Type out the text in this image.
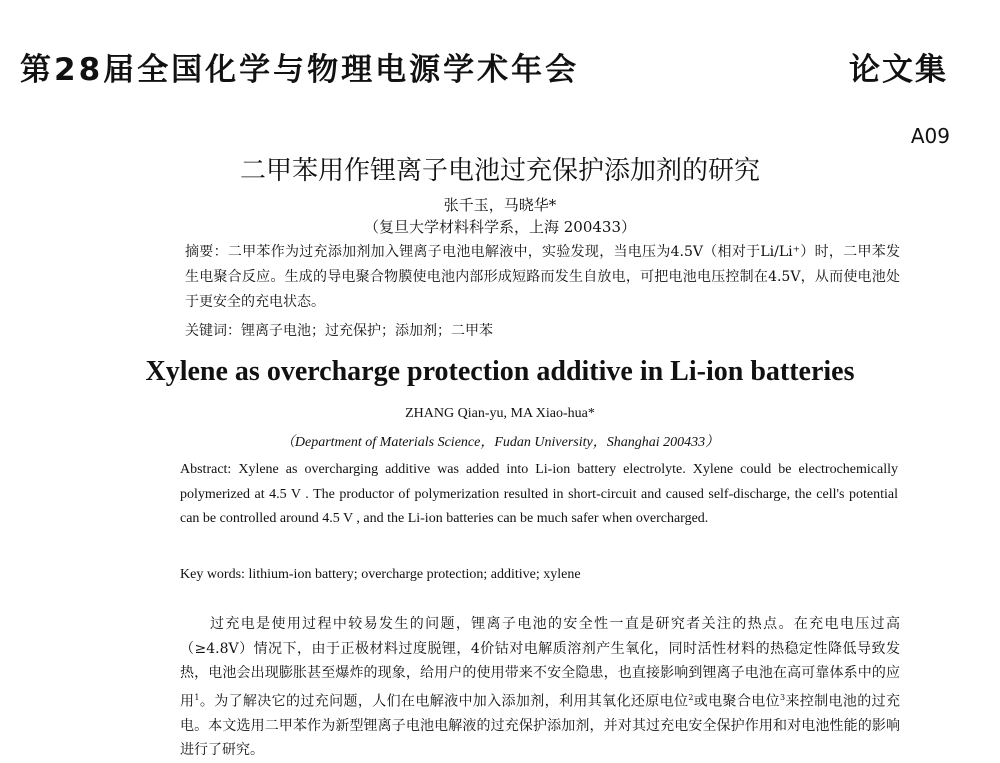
第28届全国化学与物理电源学术年会	论文集
A09
二甲苯用作锂离子电池过充保护添加剂的研究
张千玉，马晓华*
（复旦大学材料科学系，上海 200433）
摘要：二甲苯作为过充添加剂加入锂离子电池电解液中，实验发现，当电压为4.5V（相对于Li/Li⁺）时，二甲苯发生电聚合反应。生成的导电聚合物膜使电池内部形成短路而发生自放电，可把电池电压控制在4.5V，从而使电池处于更安全的充电状态。
关键词：锂离子电池；过充保护；添加剂；二甲苯
Xylene as overcharge protection additive in Li-ion batteries
ZHANG Qian-yu, MA Xiao-hua*
（Department of Materials Science，Fudan University，Shanghai 200433）
Abstract: Xylene as overcharging additive was added into Li-ion battery electrolyte. Xylene could be electrochemically polymerized at 4.5 V . The productor of polymerization resulted in short-circuit and caused self-discharge, the cell's potential can be controlled around 4.5 V , and the Li-ion batteries can be much safer when overcharged.
Key words: lithium-ion battery; overcharge protection; additive; xylene
过充电是使用过程中较易发生的问题，锂离子电池的安全性一直是研究者关注的热点。在充电电压过高（≥4.8V）情况下，由于正极材料过度脱锂，4价钴对电解质溶剂产生氧化，同时活性材料的热稳定性降低导致发热，电池会出现膨胀甚至爆炸的现象，给用户的使用带来不安全隐患，也直接影响到锂离子电池在高可靠体系中的应用$^1$。为了解决它的过充问题，人们在电解液中加入添加剂，利用其氧化还原电位$^2$或电聚合电位$^3$来控制电池的过充电。本文选用二甲苯作为新型锂离子电池电解液的过充保护添加剂，并对其过充电安全保护作用和对电池性能的影响进行了研究。
